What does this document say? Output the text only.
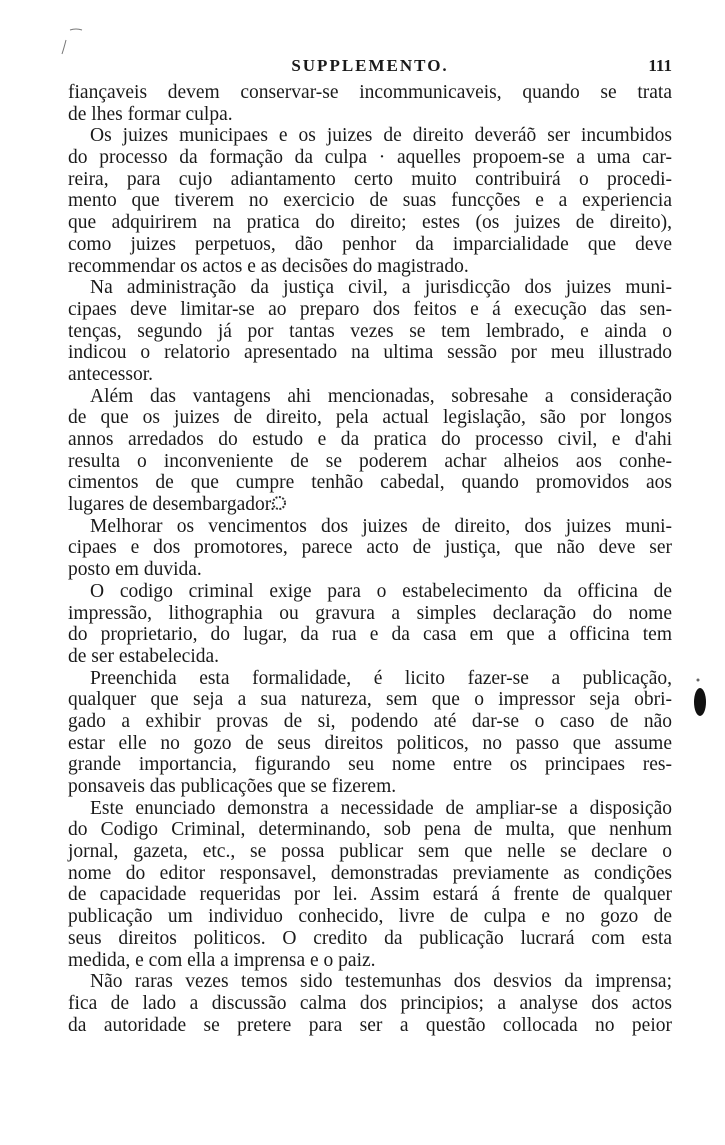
SUPPLEMENTO.	111
fiançaveis devem conservar-se incommunicaveis, quando se trata
de lhes formar culpa.
Os juizes municipaes e os juizes de direito deveráõ ser incumbidos
do processo da formação da culpa · aquelles propoem-se a uma car-
reira, para cujo adiantamento certo muito contribuirá o procedi-
mento que tiverem no exercicio de suas funcções e a experiencia
que adquirirem na pratica do direito; estes (os juizes de direito),
como juizes perpetuos, dão penhor da imparcialidade que deve
recommendar os actos e as decisões do magistrado.
Na administração da justiça civil, a jurisdicção dos juizes muni-
cipaes deve limitar-se ao preparo dos feitos e á execução das sen-
tenças, segundo já por tantas vezes se tem lembrado, e ainda o
indicou o relatorio apresentado na ultima sessão por meu illustrado
antecessor.
Além das vantagens ahi mencionadas, sobresahe a consideração
de que os juizes de direito, pela actual legislação, são por longos
annos arredados do estudo e da pratica do processo civil, e d'ahi
resulta o inconveniente de se poderem achar alheios aos conhe-
cimentos de que cumpre tenhão cabedal, quando promovidos aos
lugares de desembargador.
Melhorar os vencimentos dos juizes de direito, dos juizes muni-
cipaes e dos promotores, parece acto de justiça, que não deve ser
posto em duvida.
O codigo criminal exige para o estabelecimento da officina de
impressão, lithographia ou gravura a simples declaração do nome
do proprietario, do lugar, da rua e da casa em que a officina tem
de ser estabelecida.
Preenchida esta formalidade, é licito fazer-se a publicação,
qualquer que seja a sua natureza, sem que o impressor seja obri-
gado a exhibir provas de si, podendo até dar-se o caso de não
estar elle no gozo de seus direitos politicos, no passo que assume
grande importancia, figurando seu nome entre os principaes res-
ponsaveis das publicações que se fizerem.
Este enunciado demonstra a necessidade de ampliar-se a disposição
do Codigo Criminal, determinando, sob pena de multa, que nenhum
jornal, gazeta, etc., se possa publicar sem que nelle se declare o
nome do editor responsavel, demonstradas previamente as condições
de capacidade requeridas por lei. Assim estará á frente de qualquer
publicação um individuo conhecido, livre de culpa e no gozo de
seus direitos politicos. O credito da publicação lucrará com esta
medida, e com ella a imprensa e o paiz.
Não raras vezes temos sido testemunhas dos desvios da imprensa;
fica de lado a discussão calma dos principios; a analyse dos actos
da autoridade se pretere para ser a questão collocada no peior
